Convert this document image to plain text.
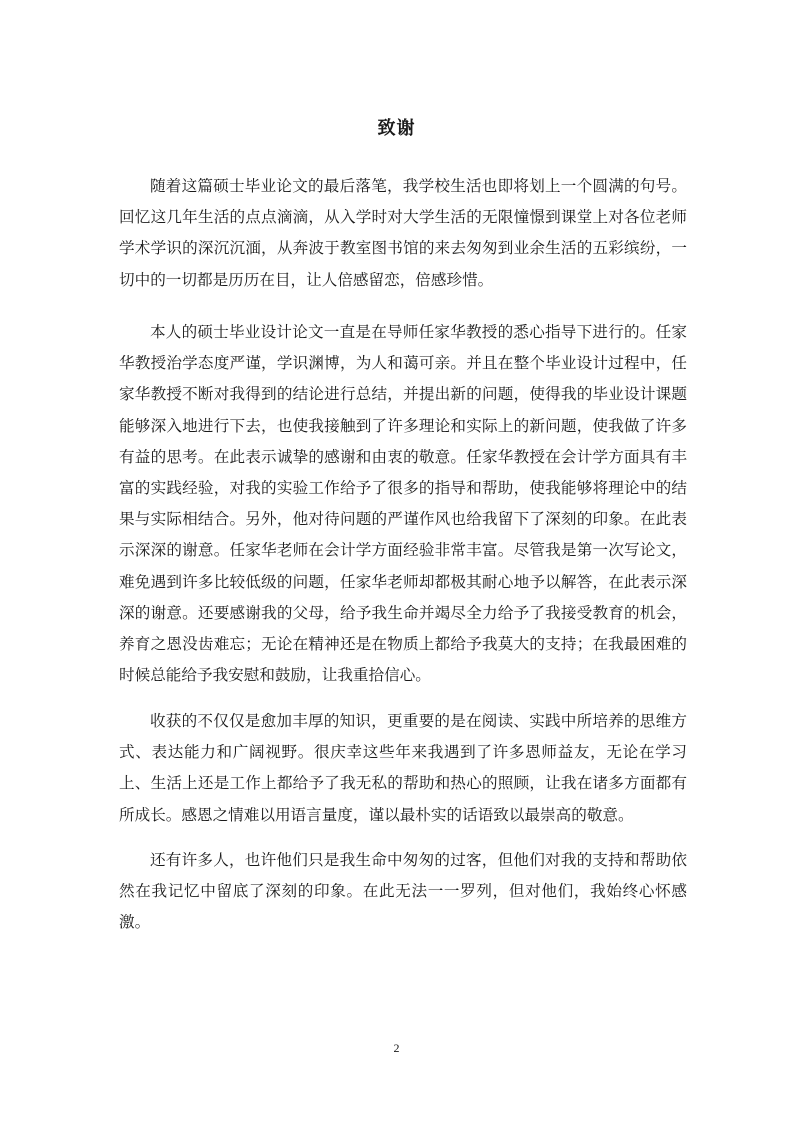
致谢

随着这篇硕士毕业论文的最后落笔，我学校生活也即将划上一个圆满的句号。回忆这几年生活的点点滴滴，从入学时对大学生活的无限憧憬到课堂上对各位老师学术学识的深沉沉湎，从奔波于教室图书馆的来去匆匆到业余生活的五彩缤纷，一切中的一切都是历历在目，让人倍感留恋，倍感珍惜。

本人的硕士毕业设计论文一直是在导师任家华教授的悉心指导下进行的。任家华教授治学态度严谨，学识渊博，为人和蔼可亲。并且在整个毕业设计过程中，任家华教授不断对我得到的结论进行总结，并提出新的问题，使得我的毕业设计课题能够深入地进行下去，也使我接触到了许多理论和实际上的新问题，使我做了许多有益的思考。在此表示诚挚的感谢和由衷的敬意。任家华教授在会计学方面具有丰富的实践经验，对我的实验工作给予了很多的指导和帮助，使我能够将理论中的结果与实际相结合。另外，他对待问题的严谨作风也给我留下了深刻的印象。在此表示深深的谢意。任家华老师在会计学方面经验非常丰富。尽管我是第一次写论文，难免遇到许多比较低级的问题，任家华老师却都极其耐心地予以解答，在此表示深深的谢意。还要感谢我的父母，给予我生命并竭尽全力给予了我接受教育的机会，养育之恩没齿难忘；无论在精神还是在物质上都给予我莫大的支持；在我最困难的时候总能给予我安慰和鼓励，让我重拾信心。

收获的不仅仅是愈加丰厚的知识，更重要的是在阅读、实践中所培养的思维方式、表达能力和广阔视野。很庆幸这些年来我遇到了许多恩师益友，无论在学习上、生活上还是工作上都给予了我无私的帮助和热心的照顾，让我在诸多方面都有所成长。感恩之情难以用语言量度，谨以最朴实的话语致以最崇高的敬意。

还有许多人，也许他们只是我生命中匆匆的过客，但他们对我的支持和帮助依然在我记忆中留底了深刻的印象。在此无法一一罗列，但对他们，我始终心怀感激。

2
